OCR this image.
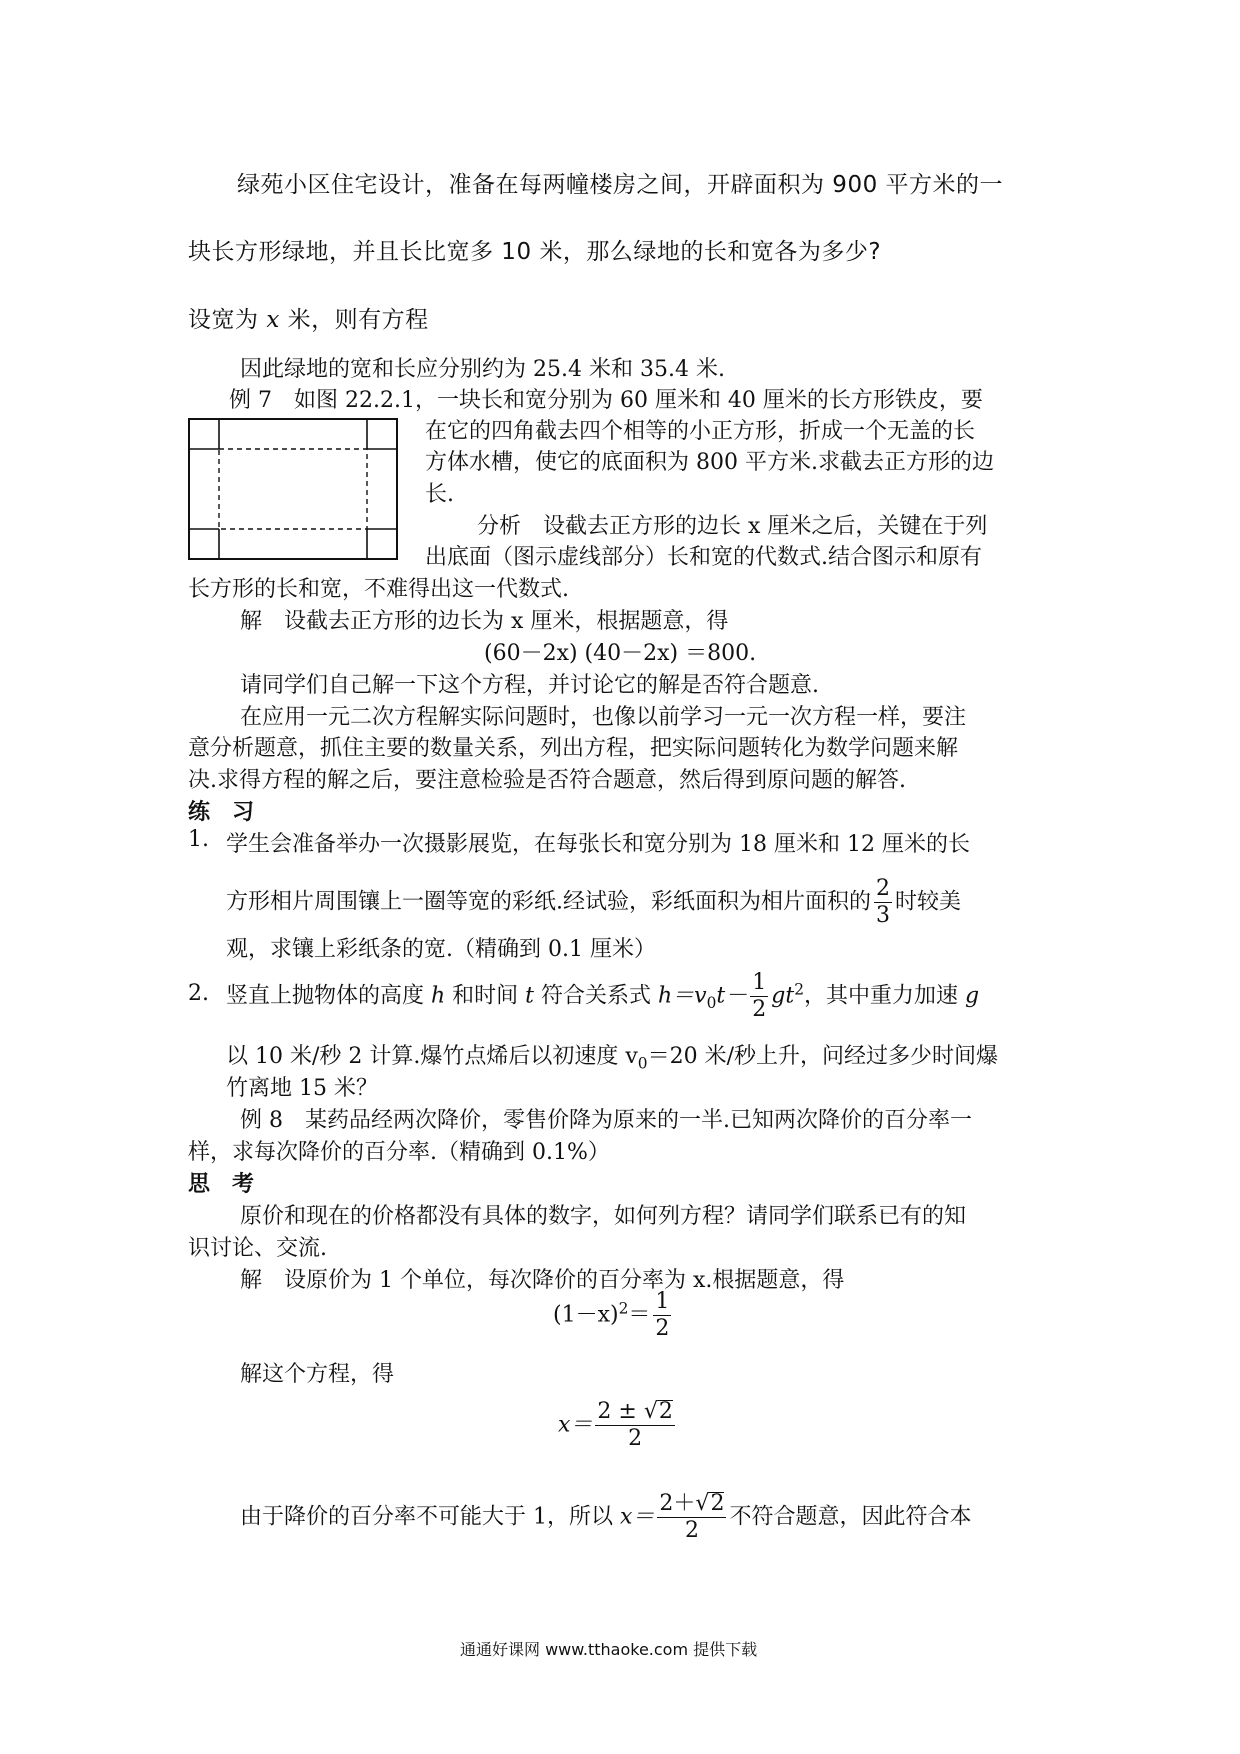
绿苑小区住宅设计，准备在每两幢楼房之间，开辟面积为 900 平方米的一
块长方形绿地，并且长比宽多 10 米，那么绿地的长和宽各为多少?
设宽为 x 米，则有方程
因此绿地的宽和长应分别约为 25.4 米和 35.4 米.
例 7　如图 22.2.1，一块长和宽分别为 60 厘米和 40 厘米的长方形铁皮，要
在它的四角截去四个相等的小正方形，折成一个无盖的长
方体水槽，使它的底面积为 800 平方米.求截去正方形的边
长.
分析　设截去正方形的边长 x 厘米之后，关键在于列
出底面（图示虚线部分）长和宽的代数式.结合图示和原有
长方形的长和宽，不难得出这一代数式.
解　设截去正方形的边长为 x 厘米，根据题意，得
(60－2x) (40－2x) ＝800.
请同学们自己解一下这个方程，并讨论它的解是否符合题意.
在应用一元二次方程解实际问题时，也像以前学习一元一次方程一样，要注
意分析题意，抓住主要的数量关系，列出方程，把实际问题转化为数学问题来解
决.求得方程的解之后，要注意检验是否符合题意，然后得到原问题的解答.
练　习
1. 学生会准备举办一次摄影展览，在每张长和宽分别为 18 厘米和 12 厘米的长
方形相片周围镶上一圈等宽的彩纸.经试验，彩纸面积为相片面积的 $\frac{2}{3}$ 时较美
观，求镶上彩纸条的宽.（精确到 0.1 厘米）
2. 竖直上抛物体的高度 h 和时间 t 符合关系式 $h=v_0t- \frac{1}{2} gt^2$，其中重力加速 g
以 10 米/秒 2 计算.爆竹点烯后以初速度 $v_0=20$ 米/秒上升，问经过多少时间爆
竹离地 15 米？
例 8　某药品经两次降价，零售价降为原来的一半.已知两次降价的百分率一
样，求每次降价的百分率.（精确到 0.1%）
思　考
原价和现在的价格都没有具体的数字，如何列方程？请同学们联系已有的知
识讨论、交流.
解　设原价为 1 个单位，每次降价的百分率为 x.根据题意，得
$(1-x)^2= \frac{1}{2}$
解这个方程，得
$x= \frac{2 \pm √2}{2}$
由于降价的百分率不可能大于 1，所以 $x= \frac{2+√2}{2}$ 不符合题意，因此符合本
通通好课网 www.tthaoke.com 提供下载
